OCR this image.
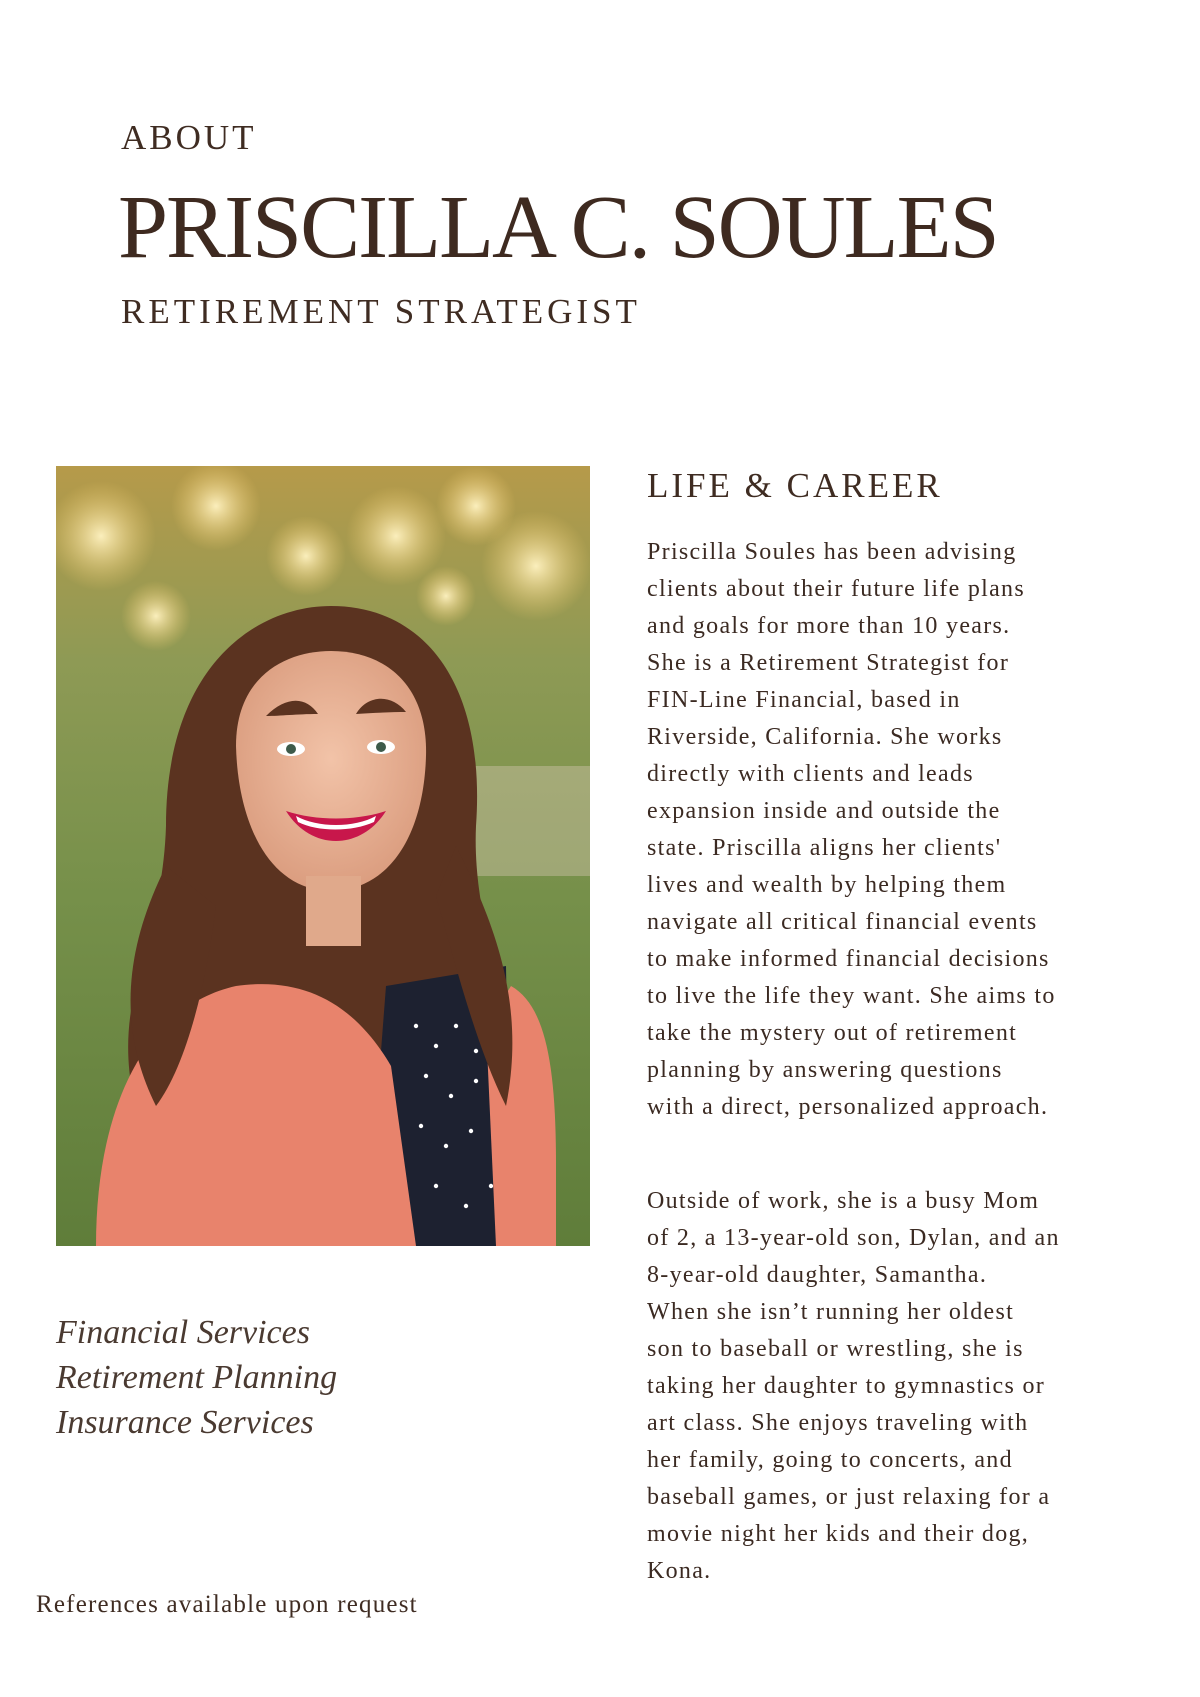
ABOUT
PRISCILLA C. SOULES
RETIREMENT STRATEGIST
Financial Services
Retirement Planning
Insurance Services
References available upon request
LIFE & CAREER

Priscilla Soules has been advising
clients about their future life plans
and goals for more than 10 years.
She is a Retirement Strategist for
FIN-Line Financial, based in
Riverside, California. She works
directly with clients and leads
expansion inside and outside the
state. Priscilla aligns her clients'
lives and wealth by helping them
navigate all critical financial events
to make informed financial decisions
to live the life they want. She aims to
take the mystery out of retirement
planning by answering questions
with a direct, personalized approach.

Outside of work, she is a busy Mom
of 2, a 13-year-old son, Dylan, and an
8-year-old daughter, Samantha.
When she isn’t running her oldest
son to baseball or wrestling, she is
taking her daughter to gymnastics or
art class. She enjoys traveling with
her family, going to concerts, and
baseball games, or just relaxing for a
movie night her kids and their dog,
Kona.
